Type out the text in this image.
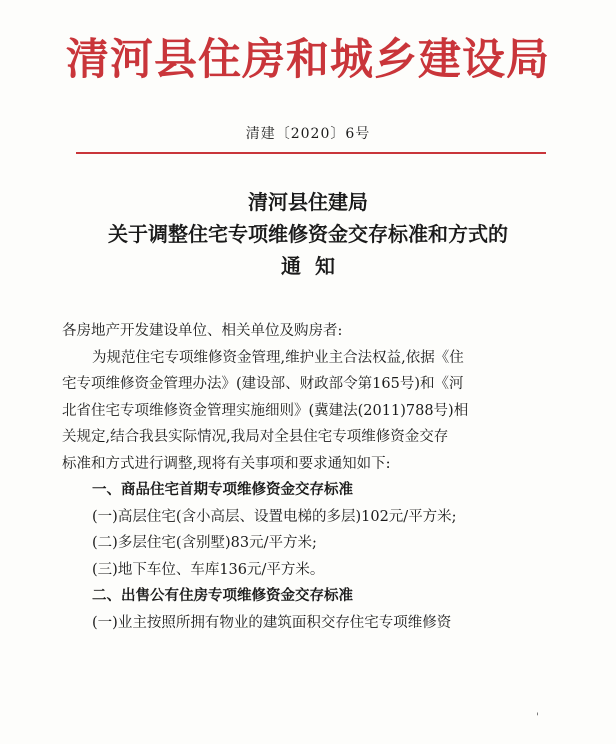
清河县住房和城乡建设局
清建〔2020〕6号
清河县住建局
关于调整住宅专项维修资金交存标准和方式的
通  知

各房地产开发建设单位、相关单位及购房者:

为规范住宅专项维修资金管理,维护业主合法权益,依据《住

宅专项维修资金管理办法》(建设部、财政部令第165号)和《河

北省住宅专项维修资金管理实施细则》(冀建法(2011)788号)相

关规定,结合我县实际情况,我局对全县住宅专项维修资金交存

标准和方式进行调整,现将有关事项和要求通知如下:

一、商品住宅首期专项维修资金交存标准

(一)高层住宅(含小高层、设置电梯的多层)102元/平方米;

(二)多层住宅(含别墅)83元/平方米;

(三)地下车位、车库136元/平方米。

二、出售公有住房专项维修资金交存标准

(一)业主按照所拥有物业的建筑面积交存住宅专项维修资

'
